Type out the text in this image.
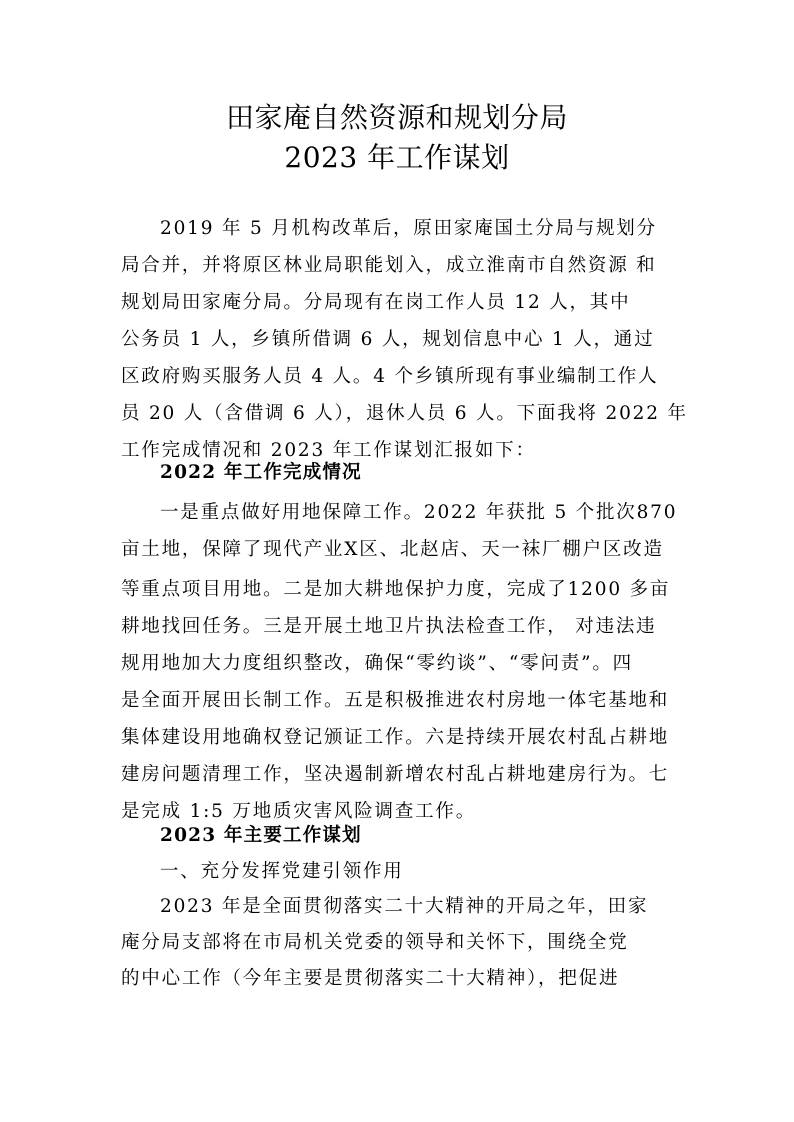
田家庵自然资源和规划分局
2023 年工作谋划
2019 年 5 月机构改革后，原田家庵国土分局与规划分
局合并，并将原区林业局职能划入，成立淮南市自然资源 和
规划局田家庵分局。分局现有在岗工作人员 12 人，其中
公务员 1 人，乡镇所借调 6 人，规划信息中心 1 人，通过
区政府购买服务人员 4 人。4 个乡镇所现有事业编制工作人
员 20 人（含借调 6 人），退休人员 6 人。下面我将 2022 年
工作完成情况和 2023 年工作谋划汇报如下：
2022 年工作完成情况
一是重点做好用地保障工作。2022 年获批 5 个批次870
亩土地，保障了现代产业X区、北赵店、天一袜厂棚户区改造
等重点项目用地。二是加大耕地保护力度，完成了1200 多亩
耕地找回任务。三是开展土地卫片执法检查工作， 对违法违
规用地加大力度组织整改，确保“零约谈”、“零问责”。四
是全面开展田长制工作。五是积极推进农村房地一体宅基地和
集体建设用地确权登记颁证工作。六是持续开展农村乱占耕地
建房问题清理工作，坚决遏制新增农村乱占耕地建房行为。七
是完成 1:5 万地质灾害风险调查工作。
2023 年主要工作谋划
一、充分发挥党建引领作用
2023 年是全面贯彻落实二十大精神的开局之年，田家
庵分局支部将在市局机关党委的领导和关怀下，围绕全党
的中心工作（今年主要是贯彻落实二十大精神），把促进
